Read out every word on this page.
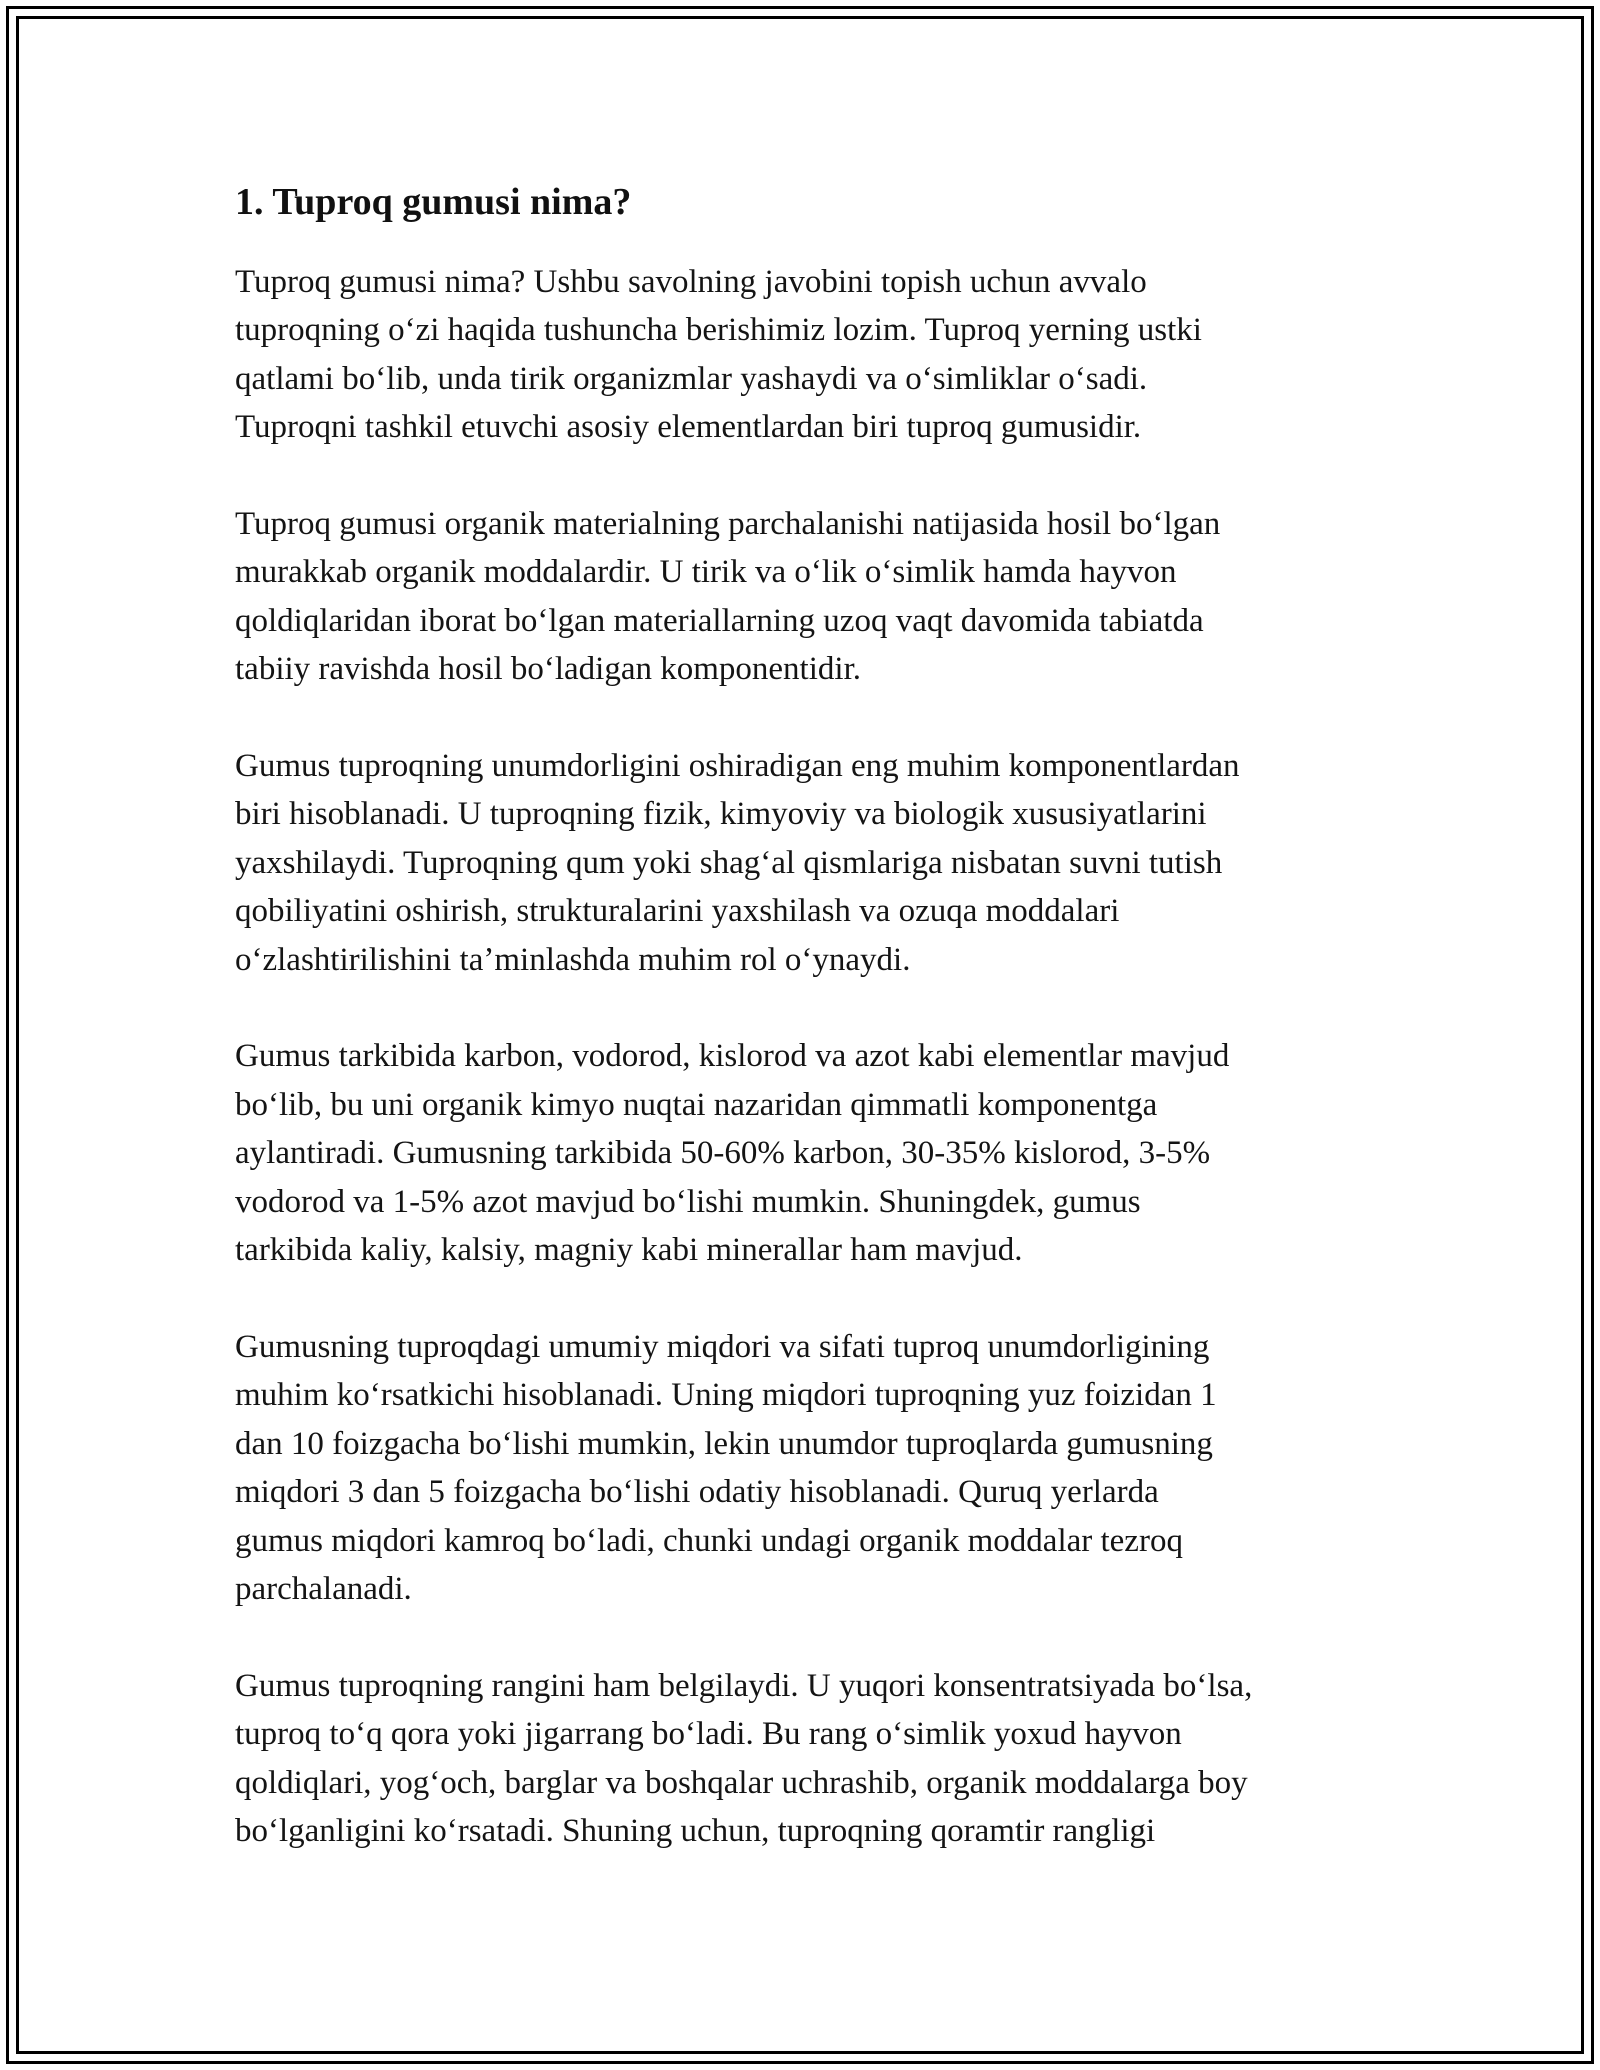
1. Tuproq gumusi nima?

Tuproq gumusi nima? Ushbu savolning javobini topish uchun avvalo
tuproqning oʻzi haqida tushuncha berishimiz lozim. Tuproq yerning ustki
qatlami boʻlib, unda tirik organizmlar yashaydi va oʻsimliklar oʻsadi.
Tuproqni tashkil etuvchi asosiy elementlardan biri tuproq gumusidir.

Tuproq gumusi organik materialning parchalanishi natijasida hosil boʻlgan
murakkab organik moddalardir. U tirik va oʻlik oʻsimlik hamda hayvon
qoldiqlaridan iborat boʻlgan materiallarning uzoq vaqt davomida tabiatda
tabiiy ravishda hosil boʻladigan komponentidir.

Gumus tuproqning unumdorligini oshiradigan eng muhim komponentlardan
biri hisoblanadi. U tuproqning fizik, kimyoviy va biologik xususiyatlarini
yaxshilaydi. Tuproqning qum yoki shagʻal qismlariga nisbatan suvni tutish
qobiliyatini oshirish, strukturalarini yaxshilash va ozuqa moddalari
oʻzlashtirilishini taʼminlashda muhim rol oʻynaydi.

Gumus tarkibida karbon, vodorod, kislorod va azot kabi elementlar mavjud
boʻlib, bu uni organik kimyo nuqtai nazaridan qimmatli komponentga
aylantiradi. Gumusning tarkibida 50-60% karbon, 30-35% kislorod, 3-5%
vodorod va 1-5% azot mavjud boʻlishi mumkin. Shuningdek, gumus
tarkibida kaliy, kalsiy, magniy kabi minerallar ham mavjud.

Gumusning tuproqdagi umumiy miqdori va sifati tuproq unumdorligining
muhim koʻrsatkichi hisoblanadi. Uning miqdori tuproqning yuz foizidan 1
dan 10 foizgacha boʻlishi mumkin, lekin unumdor tuproqlarda gumusning
miqdori 3 dan 5 foizgacha boʻlishi odatiy hisoblanadi. Quruq yerlarda
gumus miqdori kamroq boʻladi, chunki undagi organik moddalar tezroq
parchalanadi.

Gumus tuproqning rangini ham belgilaydi. U yuqori konsentratsiyada boʻlsa,
tuproq toʻq qora yoki jigarrang boʻladi. Bu rang oʻsimlik yoxud hayvon
qoldiqlari, yogʻoch, barglar va boshqalar uchrashib, organik moddalarga boy
boʻlganligini koʻrsatadi. Shuning uchun, tuproqning qoramtir rangligi
